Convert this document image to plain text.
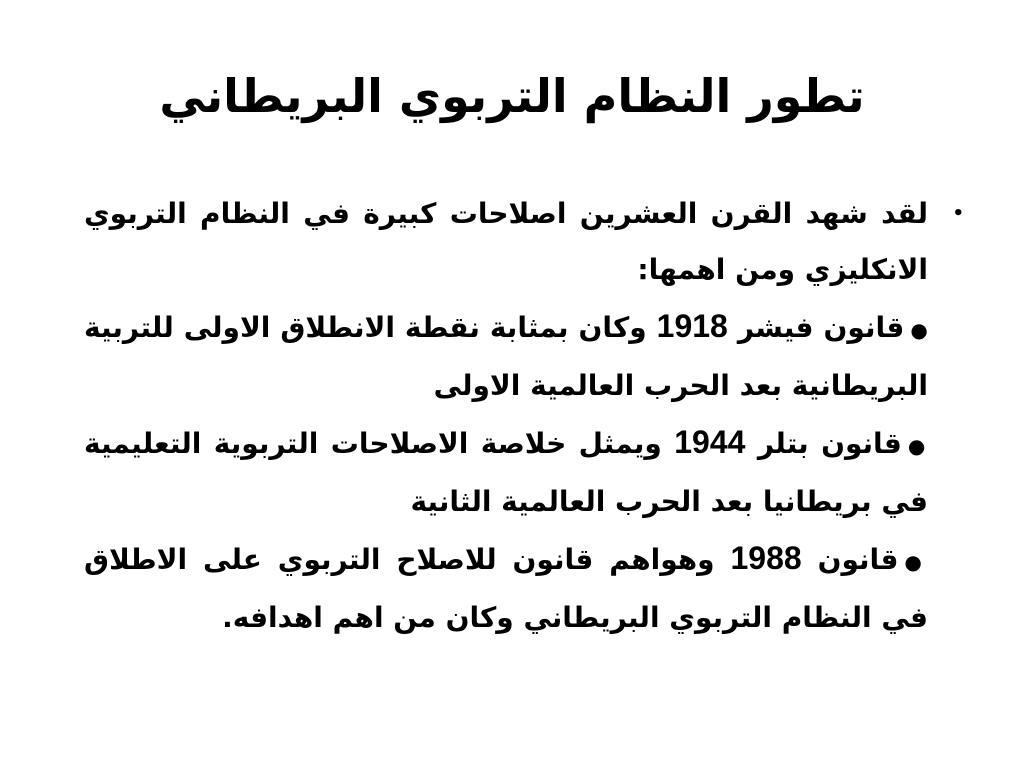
تطور النظام التربوي البريطاني
•
لقد شهد القرن العشرين اصلاحات كبيرة في النظام التربوي الانكليزي ومن اهمها:
●قانون فيشر 1918 وكان بمثابة نقطة الانطلاق الاولى للتربية البريطانية بعد الحرب العالمية الاولى
●قانون بتلر 1944 ويمثل خلاصة الاصلاحات التربوية التعليمية في بريطانيا بعد الحرب العالمية الثانية
●قانون 1988 وهواهم قانون للاصلاح التربوي على الاطلاق في النظام التربوي البريطاني وكان من اهم اهدافه.
